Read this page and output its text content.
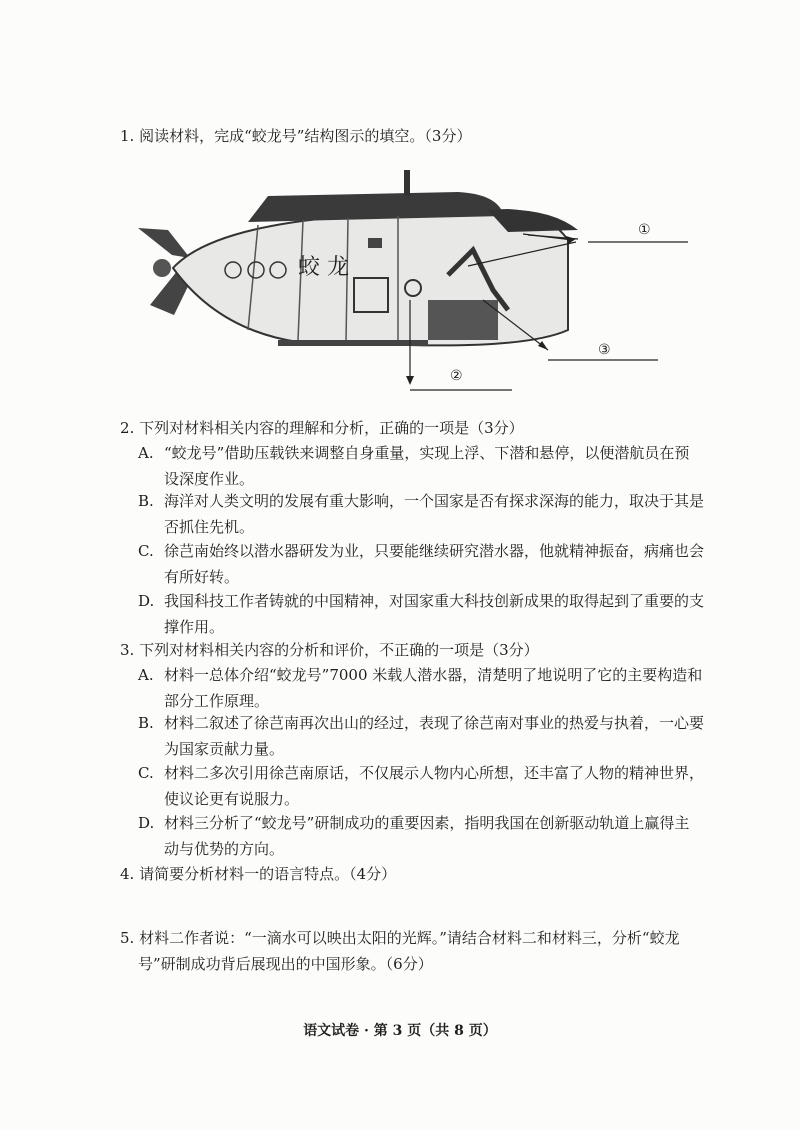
1. 阅读材料，完成“蛟龙号”结构图示的填空。（3分）
蛟 龙
①
②
③
2. 下列对材料相关内容的理解和分析，正确的一项是（3分）
A. “蛟龙号”借助压载铁来调整自身重量，实现上浮、下潜和悬停，以便潜航员在预
设深度作业。
B. 海洋对人类文明的发展有重大影响，一个国家是否有探求深海的能力，取决于其是
否抓住先机。
C. 徐芑南始终以潜水器研发为业，只要能继续研究潜水器，他就精神振奋，病痛也会
有所好转。
D. 我国科技工作者铸就的中国精神，对国家重大科技创新成果的取得起到了重要的支
撑作用。
3. 下列对材料相关内容的分析和评价，不正确的一项是（3分）
A. 材料一总体介绍“蛟龙号”7000 米载人潜水器，清楚明了地说明了它的主要构造和
部分工作原理。
B. 材料二叙述了徐芑南再次出山的经过，表现了徐芑南对事业的热爱与执着，一心要
为国家贡献力量。
C. 材料二多次引用徐芑南原话，不仅展示人物内心所想，还丰富了人物的精神世界，
使议论更有说服力。
D. 材料三分析了“蛟龙号”研制成功的重要因素，指明我国在创新驱动轨道上赢得主
动与优势的方向。
4. 请简要分析材料一的语言特点。（4分）
5. 材料二作者说：“一滴水可以映出太阳的光辉。”请结合材料二和材料三，分析“蛟龙
号”研制成功背后展现出的中国形象。（6分）
语文试卷 · 第 3 页（共 8 页）
